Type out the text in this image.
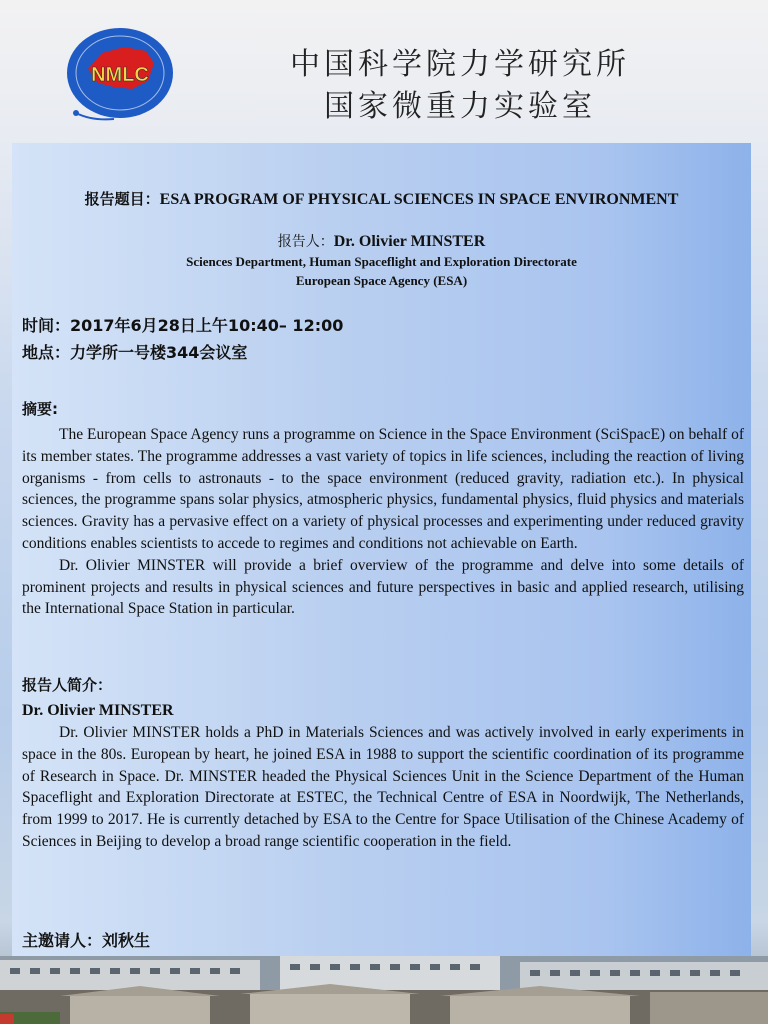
NMLC	中国科学院力学研究所
国家微重力实验室
报告题目：ESA PROGRAM OF PHYSICAL SCIENCES IN SPACE ENVIRONMENT
报告人：Dr. Olivier MINSTER
Sciences Department, Human Spaceflight and Exploration Directorate
European Space Agency (ESA)
时间：2017年6月28日上午10:40– 12:00
地点：力学所一号楼344会议室
摘要:

The European Space Agency runs a programme on Science in the Space Environment (SciSpacE) on behalf of its member states. The programme addresses a vast variety of topics in life sciences, including the reaction of living organisms - from cells to astronauts - to the space environment (reduced gravity, radiation etc.). In physical sciences, the programme spans solar physics, atmospheric physics, fundamental physics, fluid physics and materials sciences. Gravity has a pervasive effect on a variety of physical processes and experimenting under reduced gravity conditions enables scientists to accede to regimes and conditions not achievable on Earth.

Dr. Olivier MINSTER will provide a brief overview of the programme and delve into some details of prominent projects and results in physical sciences and future perspectives in basic and applied research, utilising the International Space Station in particular.

报告人简介：
Dr. Olivier MINSTER

Dr. Olivier MINSTER holds a PhD in Materials Sciences and was actively involved in early experiments in space in the 80s. European by heart, he joined ESA in 1988 to support the scientific coordination of its programme of Research in Space. Dr. MINSTER headed the Physical Sciences Unit in the Science Department of the Human Spaceflight and Exploration Directorate at ESTEC, the Technical Centre of ESA in Noordwijk, The Netherlands, from 1999 to 2017. He is currently detached by ESA to the Centre for Space Utilisation of the Chinese Academy of Sciences in Beijing to develop a broad range scientific cooperation in the field.

主邀请人：刘秋生
